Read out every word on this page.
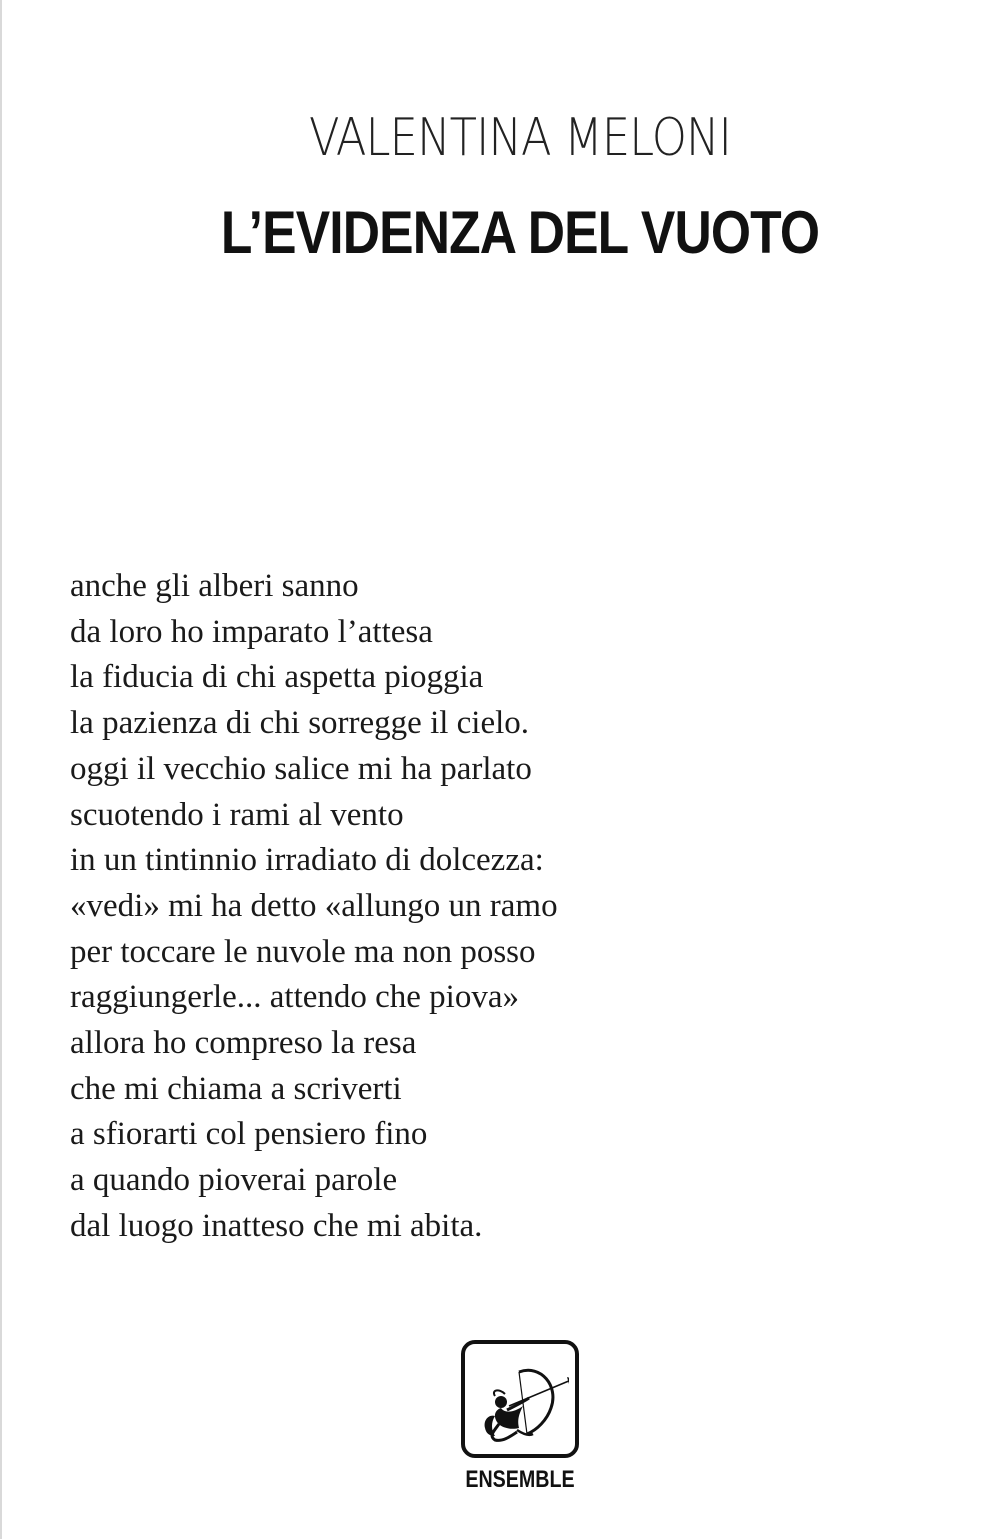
VALENTINA MELONI
L’EVIDENZA DEL VUOTO
anche gli alberi sanno
da loro ho imparato l’attesa
la fiducia di chi aspetta pioggia
la pazienza di chi sorregge il cielo.
oggi il vecchio salice mi ha parlato
scuotendo i rami al vento
in un tintinnio irradiato di dolcezza:
«vedi» mi ha detto «allungo un ramo
per toccare le nuvole ma non posso
raggiungerle... attendo che piova»
allora ho compreso la resa
che mi chiama a scriverti
a sfiorarti col pensiero fino
a quando pioverai parole
dal luogo inatteso che mi abita.
ENSEMBLE
